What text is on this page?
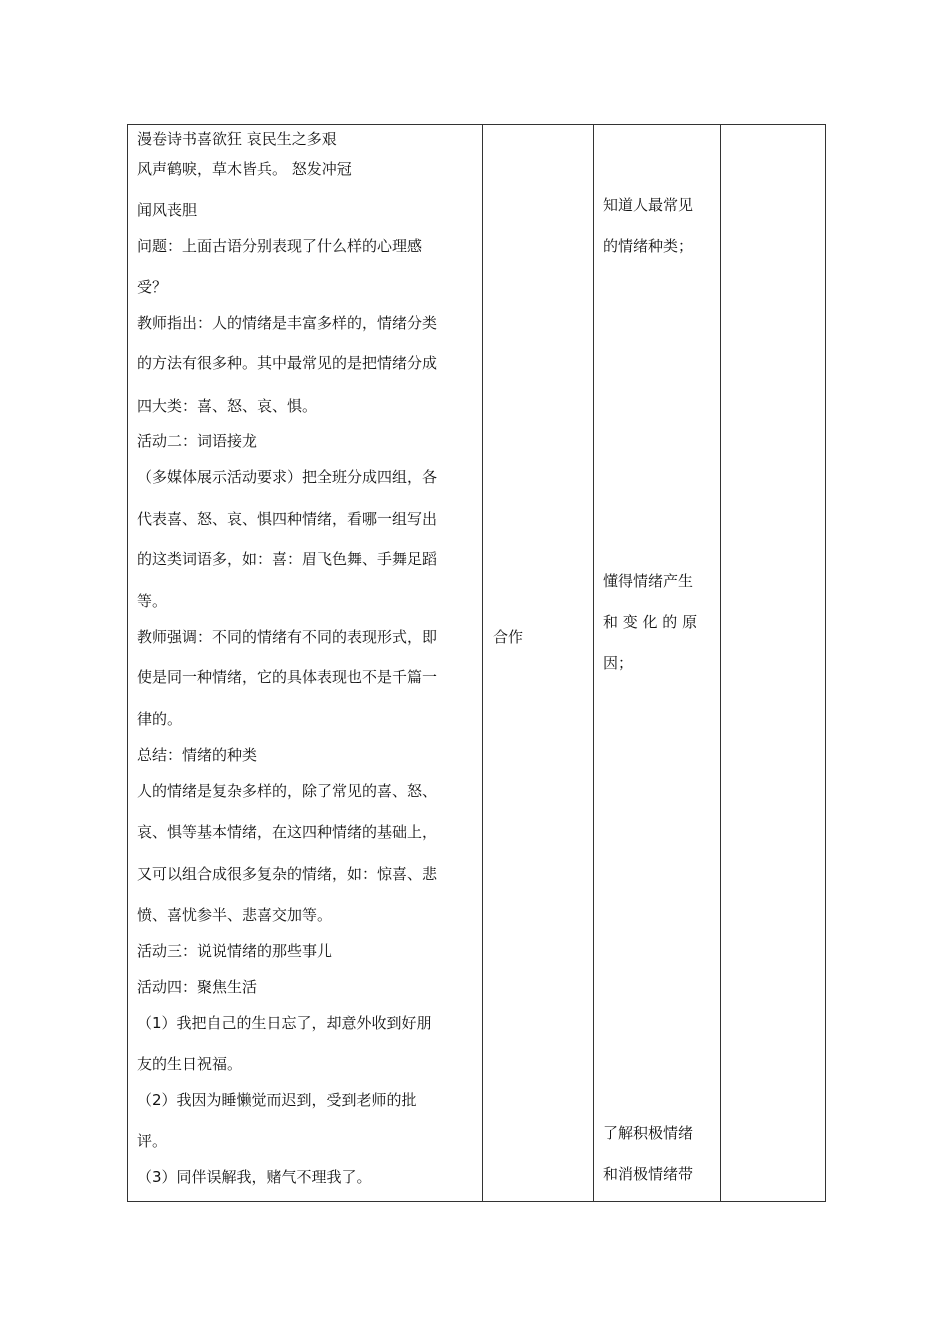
漫卷诗书喜欲狂 哀民生之多艰
风声鹤唳，草木皆兵。 怒发冲冠
闻风丧胆
问题：上面古语分别表现了什么样的心理感
受？
教师指出：人的情绪是丰富多样的，情绪分类
的方法有很多种。其中最常见的是把情绪分成
四大类：喜、怒、哀、惧。
活动二：词语接龙
（多媒体展示活动要求）把全班分成四组，各
代表喜、怒、哀、惧四种情绪，看哪一组写出
的这类词语多，如：喜：眉飞色舞、手舞足蹈
等。
教师强调：不同的情绪有不同的表现形式，即
使是同一种情绪，它的具体表现也不是千篇一
律的。
总结：情绪的种类
人的情绪是复杂多样的，除了常见的喜、怒、
哀、惧等基本情绪，在这四种情绪的基础上，
又可以组合成很多复杂的情绪，如：惊喜、悲
愤、喜忧参半、悲喜交加等。
活动三：说说情绪的那些事儿
活动四：聚焦生活
（1）我把自己的生日忘了，却意外收到好朋
友的生日祝福。
（2）我因为睡懒觉而迟到，受到老师的批
评。
（3）同伴误解我，赌气不理我了。

合作

知道人最常见
的情绪种类；
懂得情绪产生
和 变 化 的 原
因；
了解积极情绪
和消极情绪带
